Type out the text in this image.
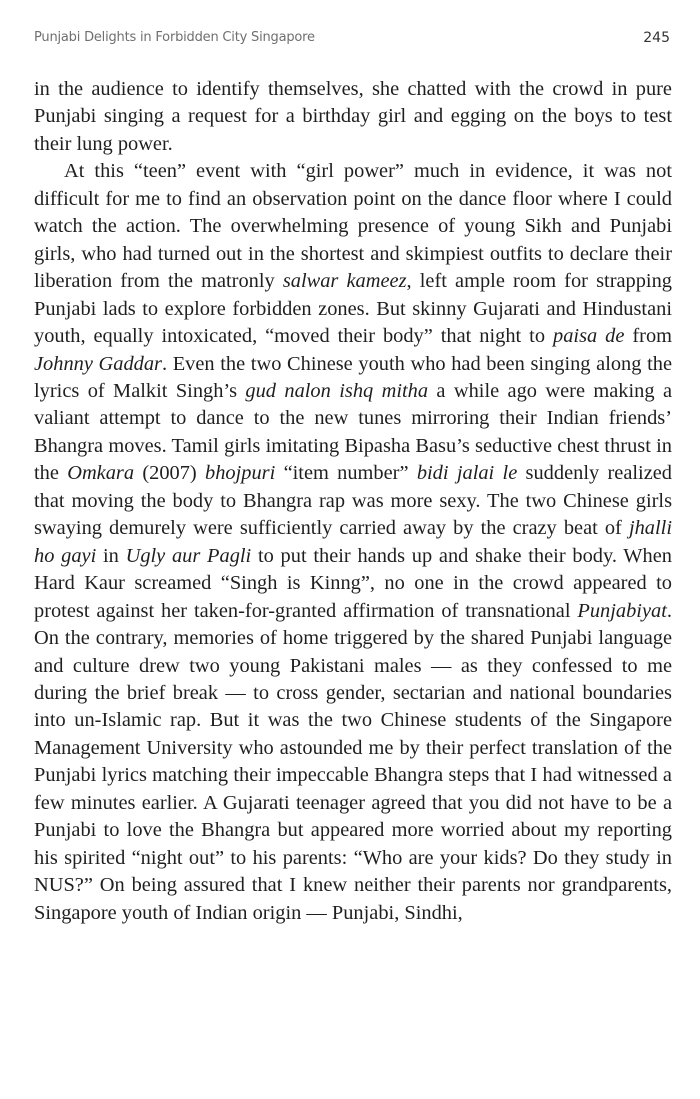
Punjabi Delights in Forbidden City Singapore	245

in the audience to identify themselves, she chatted with the crowd in pure Punjabi singing a request for a birthday girl and egging on the boys to test their lung power.

At this “teen” event with “girl power” much in evidence, it was not difficult for me to find an observation point on the dance floor where I could watch the action. The overwhelming presence of young Sikh and Punjabi girls, who had turned out in the shortest and skimpiest outfits to declare their liberation from the matronly salwar kameez, left ample room for strapping Punjabi lads to explore forbidden zones. But skinny Gujarati and Hindustani youth, equally intoxicated, “moved their body” that night to paisa de from Johnny Gaddar. Even the two Chinese youth who had been singing along the lyrics of Malkit Singh’s gud nalon ishq mitha a while ago were making a valiant attempt to dance to the new tunes mirroring their Indian friends’ Bhangra moves. Tamil girls imitating Bipasha Basu’s seductive chest thrust in the Omkara (2007) bhojpuri “item number” bidi jalai le suddenly realized that moving the body to Bhangra rap was more sexy. The two Chinese girls swaying demurely were sufficiently carried away by the crazy beat of jhalli ho gayi in Ugly aur Pagli to put their hands up and shake their body. When Hard Kaur screamed “Singh is Kinng”, no one in the crowd appeared to protest against her taken-for-granted affirmation of transnational Punjabiyat. On the contrary, memories of home triggered by the shared Punjabi language and culture drew two young Pakistani males — as they confessed to me during the brief break — to cross gender, sectarian and national boundaries into un-Islamic rap. But it was the two Chinese students of the Singapore Management University who astounded me by their perfect translation of the Punjabi lyrics matching their impeccable Bhangra steps that I had witnessed a few minutes earlier. A Gujarati teenager agreed that you did not have to be a Punjabi to love the Bhangra but appeared more worried about my reporting his spirited “night out” to his parents: “Who are your kids? Do they study in NUS?” On being assured that I knew neither their parents nor grandparents, Singapore youth of Indian origin — Punjabi, Sindhi,
